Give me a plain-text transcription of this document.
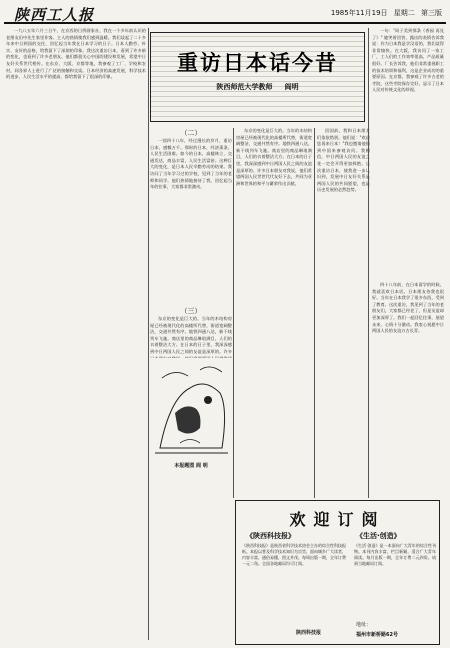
陕西工人报	1985年11月19日 星期二 第三版

一九八五年六月三日午，在京西的日侨画家社，我在一个多年前认识的老朋友田中先生家里作客。主人的热情使我们感到温暖。我们谈起了二十多年来中日两国的交往，回忆起当年我在日本学习的日子。日本人勤劳、朴实、友好的品格，给我留下了深刻的印象。我这次重访日本，看到了许多新的变化，也看到了许多老朋友。他们都很关心中国的建设和发展，希望中日友好关系世代相传。在东京、大阪、京都等地，我参观了工厂、学校和农村，同各界人士进行了广泛的接触和交谈。日本经济的高速发展，科学技术的进步，人民生活水平的提高，都给我留下了很深的印象。

重访日本话今昔
陕西师范大学教师 阎明
（二）

一别四十八年，经过漫长的岁月，重访日本，感慨万千。那时的日本，经济萧条，人民生活困难。如今的日本，高楼林立，交通发达，商品丰富，人民生活富裕。这种巨大的变化，是日本人民辛勤劳动的结果。我访问了当年学习过的学校，见到了当年的老师和同学。他们热情地接待了我，回忆起当年的往事，大家都非常激动。

（三）

东京的变化是巨大的。当年的木结构房屋已经被现代化的高楼所代替，街道宽阔整洁，交通井然有序。地铁四通八达，新干线列车飞驰。商店里的商品琳琅满目，人们的衣着整洁大方。在日本的日子里，我深深感到中日两国人民之间的友谊是深厚的。许多

本报题图 阎 明

东京的变化是巨大的。当年的木结构房屋已经被现代化的高楼所代替，街道宽阔整洁，交通井然有序。地铁四通八达，新干线列车飞驰。商店里的商品琳琅满目，人们的衣着整洁大方。在日本的日子里，我深深感到中日两国人民之间的友谊是深厚的。许多日本朋友对我说，他们希望两国人民世世代代友好下去，共同为亚洲和世界的和平与繁荣作出贡献。

回国前，我和日本朋友们依依惜别。他们说："欢迎您再来日本！"我也邀请他们到中国来参观访问。我相信，中日两国人民的友谊之花一定会开得更加鲜艳。这次重访日本，使我进一步认识到，发展中日友好关系是两国人民的共同愿望，也是历史发展的必然趋势。

一句："同子美到那条《香园 再見了》" 她笑着回答，露出的表情告诉我说：作为日本我是学汉语的，我们谈得非常愉快。在大阪，我访问了一家工厂，工人们的工作效率很高，产品质量很好。厂长告诉我，他们非常重视职工的技术培训和福利，这是企业成功的重要原因。在京都，我参观了许多古老的寺院，这些寺院保存完好，显示了日本人民对传统文化的珍视。

四十八年前，在日本留学的时候，我就喜欢日本话。日本朋友待我也很好。当年在日本我学了很多东西，受到了教育。这次重访，我见到了当年的老朋友们，大家都已经老了，但是友谊却更加深厚了。我们一起回忆往事，展望未来，心情十分激动。我衷心祝愿中日两国人民的友谊万古长青。

欢迎订阅
《陕西科技报》	《生活·创造》
《陕西科技报》是陕西省科学技术协会主办的综合性科技报纸。本报以普及科学技术知识为宗旨，面向城乡广大读者，内容丰富，通俗易懂，图文并茂。每周出版一期，全年订费一元二角。全国各地邮局均可订阅。
《生活·创造》是一本面向广大青年的综合性刊物。本刊内容丰富，栏目新颖，适合广大青年阅读。每月出版一期，全年订费二元四角。请到当地邮局订阅。
陕西科技报
地址：
福州市新桥路62号
